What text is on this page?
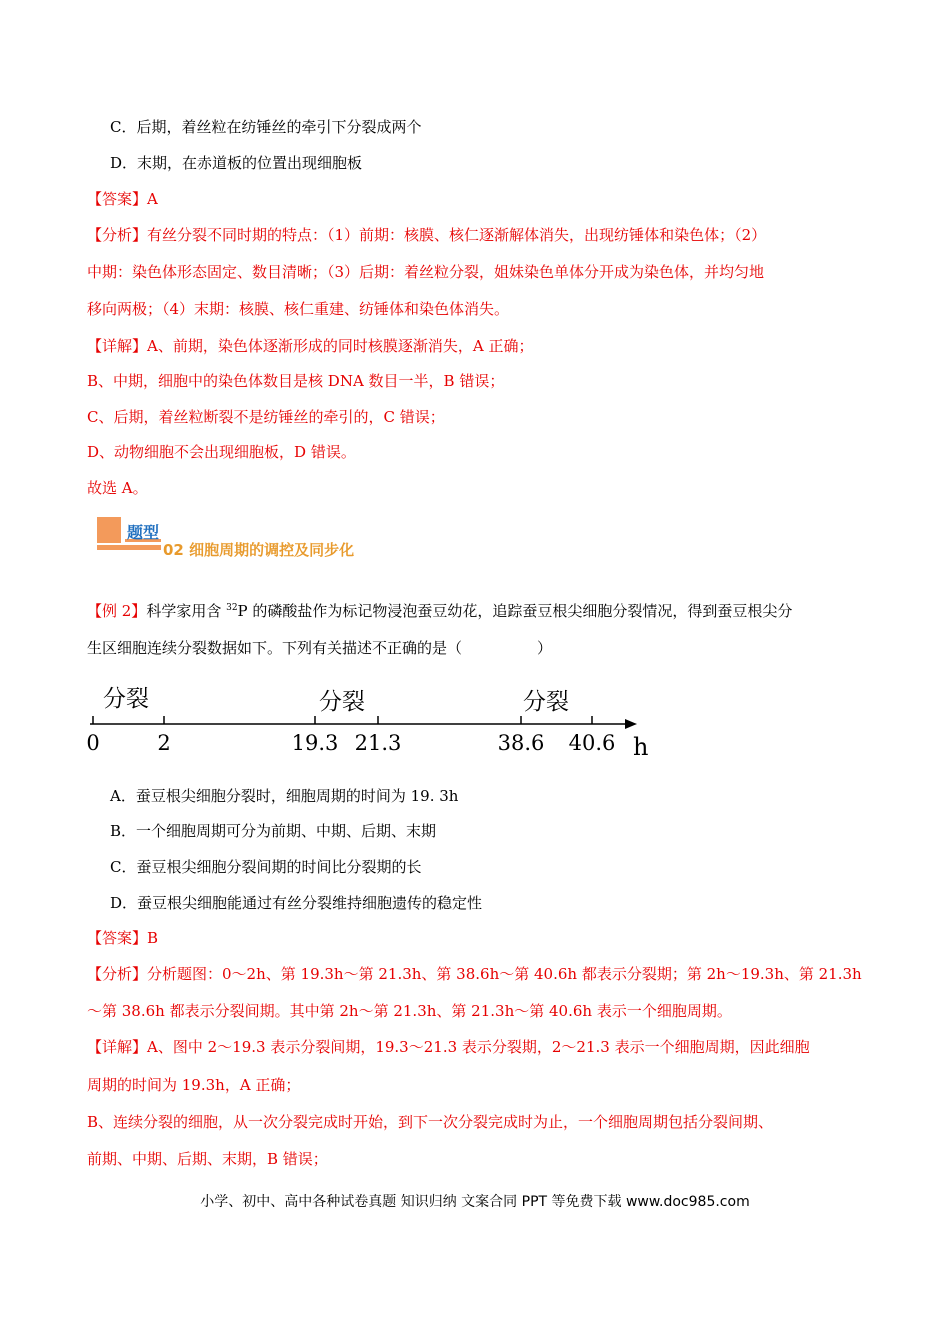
C．后期，着丝粒在纺锤丝的牵引下分裂成两个
D．末期，在赤道板的位置出现细胞板
【答案】A
【分析】有丝分裂不同时期的特点：（1）前期：核膜、核仁逐渐解体消失，出现纺锤体和染色体；（2）
中期：染色体形态固定、数目清晰；（3）后期：着丝粒分裂，姐妹染色单体分开成为染色体，并均匀地
移向两极；（4）末期：核膜、核仁重建、纺锤体和染色体消失。
【详解】A、前期，染色体逐渐形成的同时核膜逐渐消失，A 正确；
B、中期，细胞中的染色体数目是核 DNA 数目一半，B 错误；
C、后期，着丝粒断裂不是纺锤丝的牵引的，C 错误；
D、动物细胞不会出现细胞板，D 错误。
故选 A。
题型
02 细胞周期的调控及同步化
【例 2】科学家用含 $^{32}$P 的磷酸盐作为标记物浸泡蚕豆幼花，追踪蚕豆根尖细胞分裂情况，得到蚕豆根尖分
生区细胞连续分裂数据如下。下列有关描述不正确的是（　　　　　）
0	2	19.3 21.3	38.6 40.6
分裂	分裂	分裂
h
A．蚕豆根尖细胞分裂时，细胞周期的时间为 19. 3h
B．一个细胞周期可分为前期、中期、后期、末期
C．蚕豆根尖细胞分裂间期的时间比分裂期的长
D．蚕豆根尖细胞能通过有丝分裂维持细胞遗传的稳定性
【答案】B
【分析】分析题图：0～2h、第 19.3h～第 21.3h、第 38.6h～第 40.6h 都表示分裂期；第 2h～19.3h、第 21.3h
～第 38.6h 都表示分裂间期。其中第 2h～第 21.3h、第 21.3h～第 40.6h 表示一个细胞周期。
【详解】A、图中 2～19.3 表示分裂间期，19.3～21.3 表示分裂期，2～21.3 表示一个细胞周期，因此细胞
周期的时间为 19.3h，A 正确；
B、连续分裂的细胞，从一次分裂完成时开始，到下一次分裂完成时为止，一个细胞周期包括分裂间期、
前期、中期、后期、末期，B 错误；
小学、初中、高中各种试卷真题 知识归纳 文案合同 PPT 等免费下载 www.doc985.com
